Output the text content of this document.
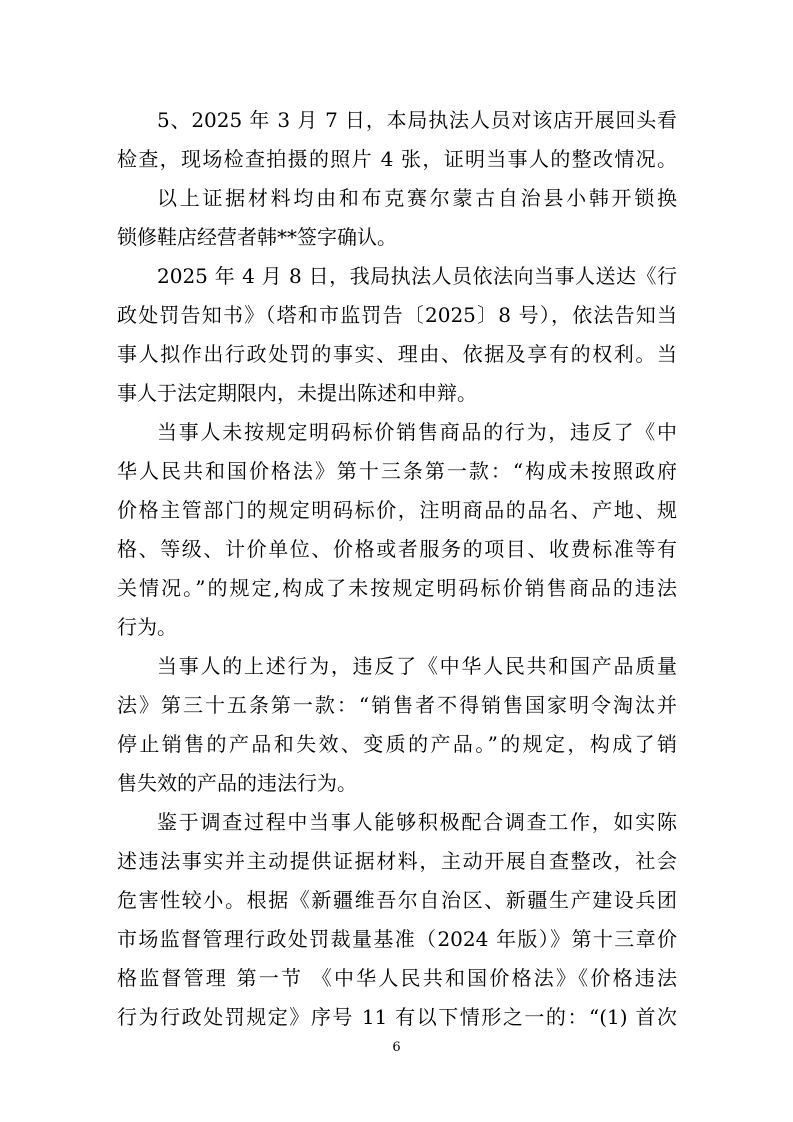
5、2025 年 3 月 7 日，本局执法人员对该店开展回头看
检查，现场检查拍摄的照片 4 张，证明当事人的整改情况。
以上证据材料均由和布克赛尔蒙古自治县小韩开锁换
锁修鞋店经营者韩**签字确认。
2025 年 4 月 8 日，我局执法人员依法向当事人送达《行
政处罚告知书》（塔和市监罚告〔2025〕8 号），依法告知当
事人拟作出行政处罚的事实、理由、依据及享有的权利。当
事人于法定期限内，未提出陈述和申辩。
当事人未按规定明码标价销售商品的行为，违反了《中
华人民共和国价格法》第十三条第一款：“构成未按照政府
价格主管部门的规定明码标价，注明商品的品名、产地、规
格、等级、计价单位、价格或者服务的项目、收费标准等有
关情况。”的规定,构成了未按规定明码标价销售商品的违法
行为。
当事人的上述行为，违反了《中华人民共和国产品质量
法》第三十五条第一款：“销售者不得销售国家明令淘汰并
停止销售的产品和失效、变质的产品。”的规定，构成了销
售失效的产品的违法行为。
鉴于调查过程中当事人能够积极配合调查工作，如实陈
述违法事实并主动提供证据材料，主动开展自查整改，社会
危害性较小。根据《新疆维吾尔自治区、新疆生产建设兵团
市场监督管理行政处罚裁量基准（2024 年版）》第十三章价
格监督管理 第一节 《中华人民共和国价格法》《价格违法
行为行政处罚规定》序号 11 有以下情形之一的：“(1) 首次
6
